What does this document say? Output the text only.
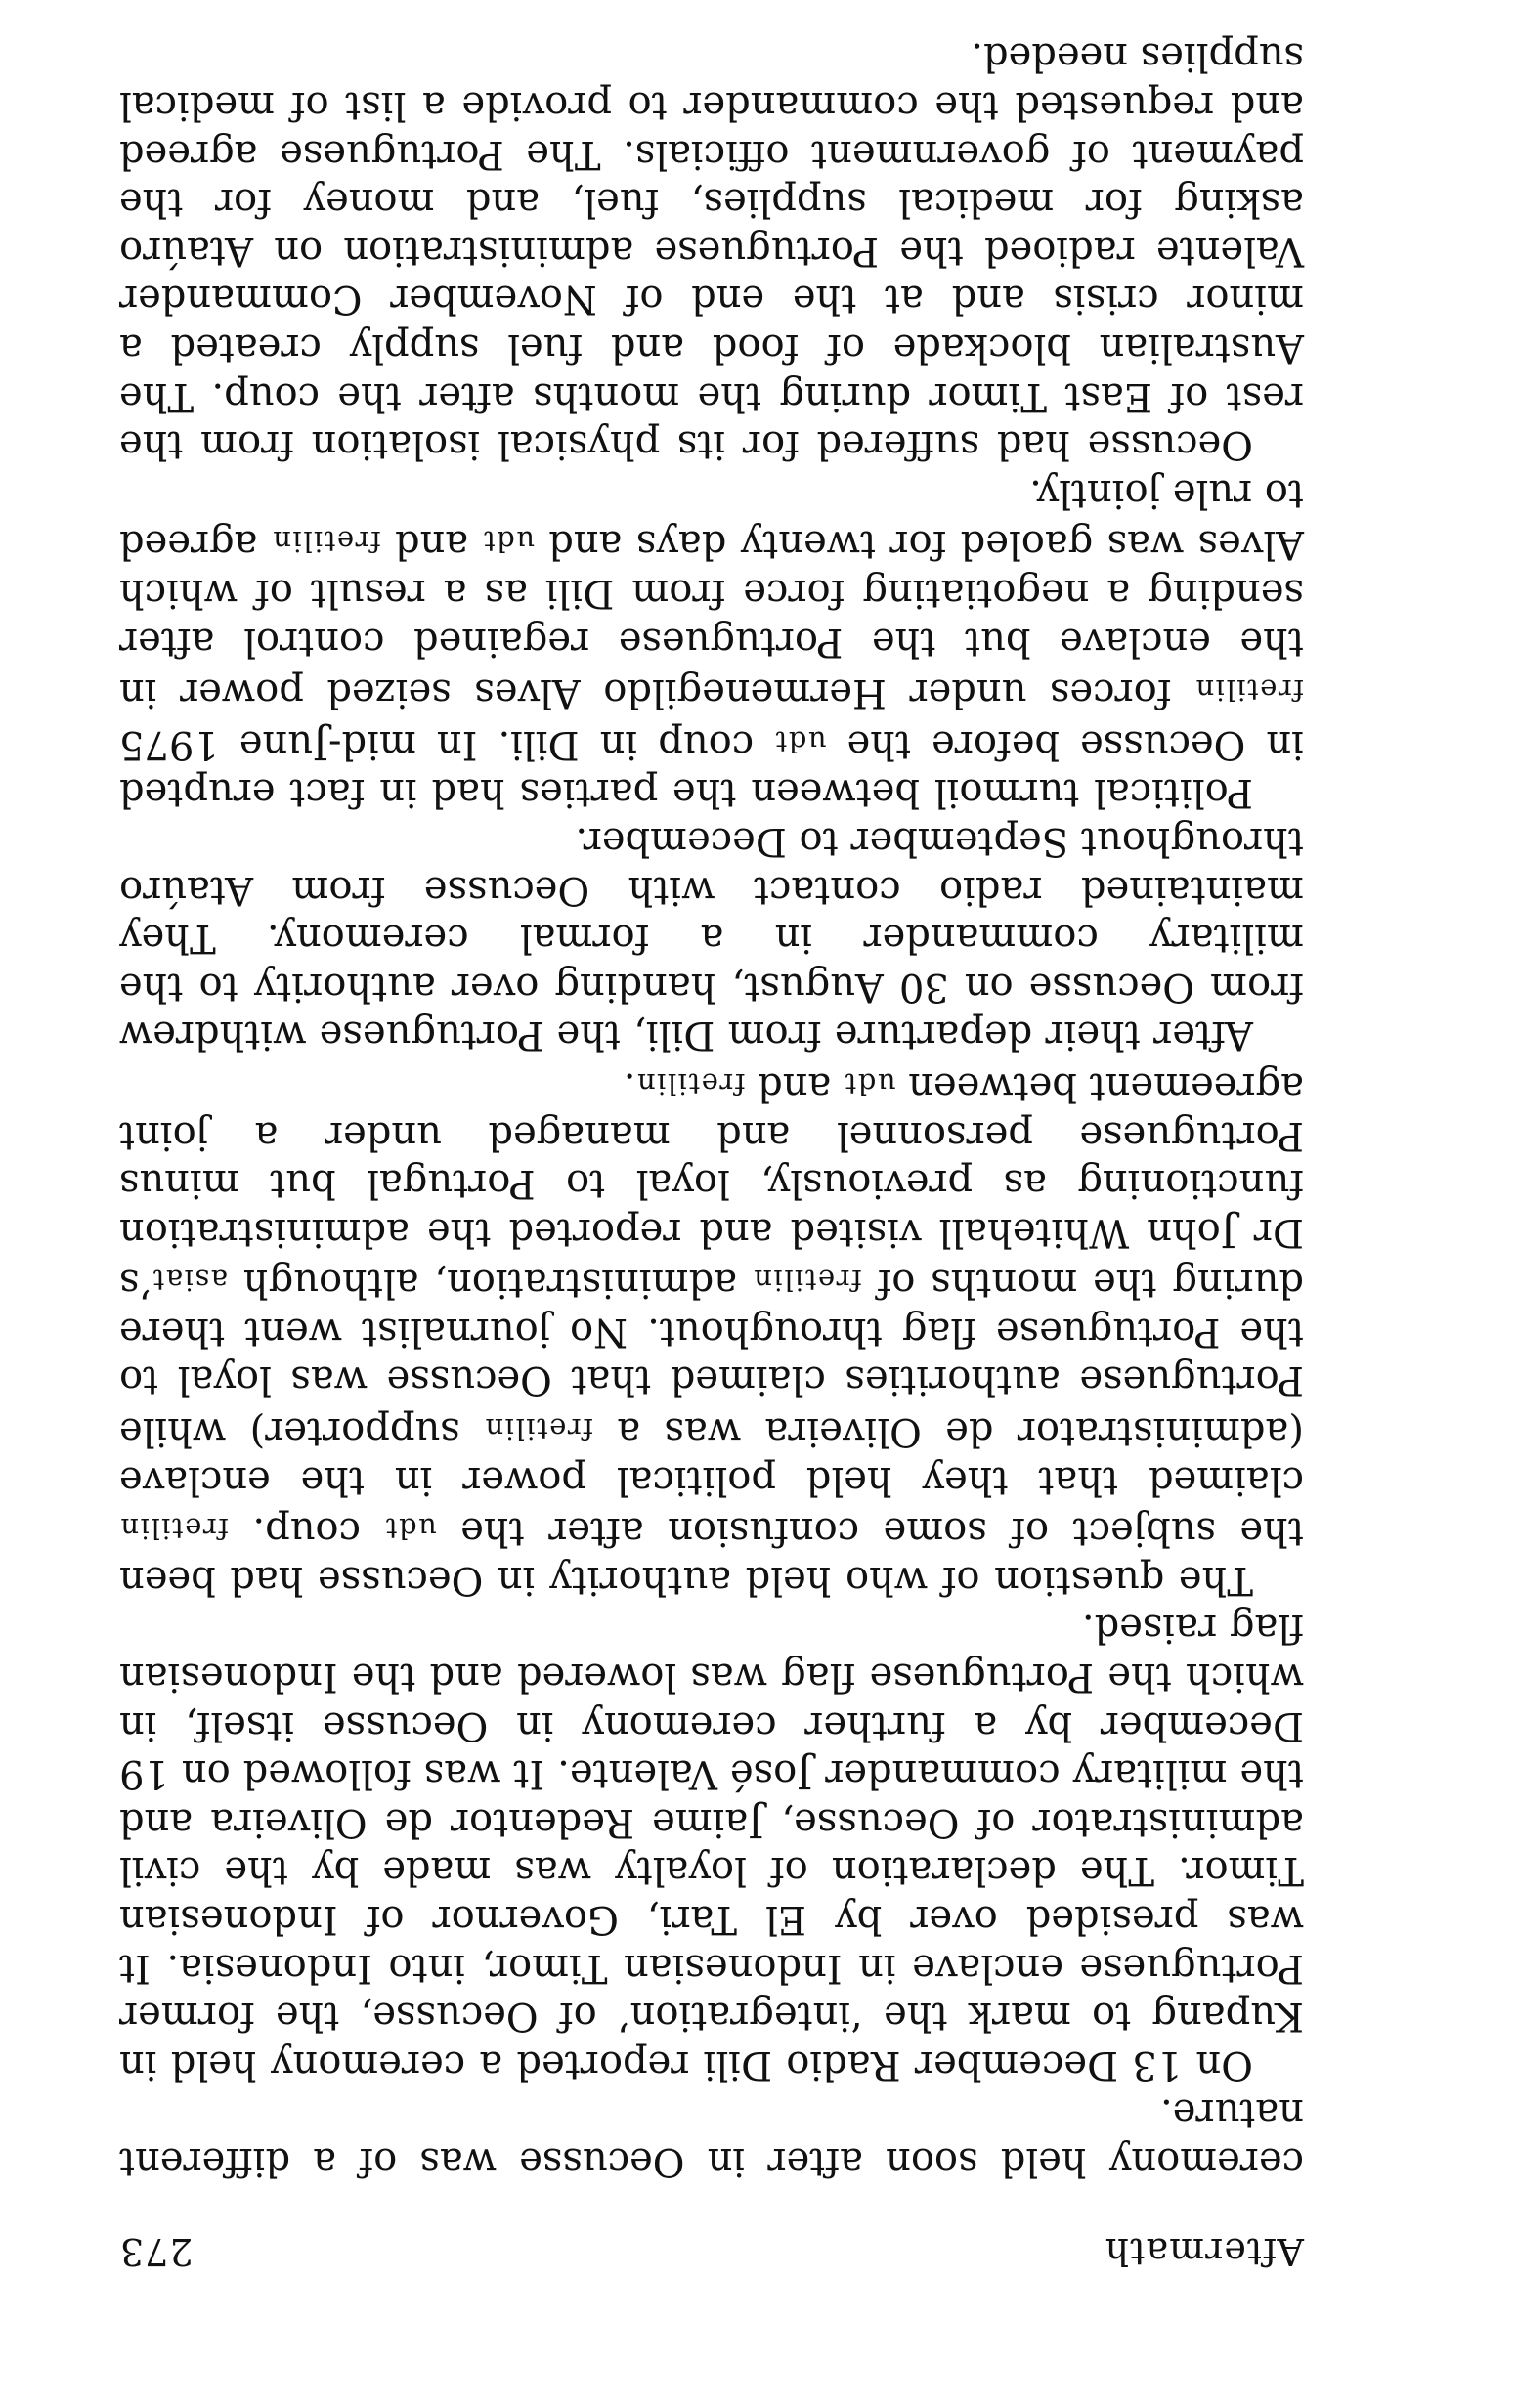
Aftermath
273

ceremony held soon after in Oecusse was of a different nature.

On 13 December Radio Dili reported a ceremony held in Kupang to mark the ‘integration’ of Oecusse, the former Portuguese enclave in Indonesian Timor, into Indonesia. It was presided over by El Tari, Governor of Indonesian Timor. The declaration of loyalty was made by the civil administrator of Oecusse, Jaime Redentor de Oliveira and the military commander José Valente. It was followed on 19 December by a further ceremony in Oecusse itself, in which the Portuguese flag was lowered and the Indonesian flag raised.

The question of who held authority in Oecusse had been the subject of some confusion after the udt coup. fretilin claimed that they held political power in the enclave (administrator de Oliveira was a fretilin supporter) while Portuguese authorities claimed that Oecusse was loyal to the Portuguese flag throughout. No journalist went there during the months of fretilin administration, although asiat’s Dr John Whitehall visited and reported the administration functioning as previously, loyal to Portugal but minus Portuguese personnel and managed under a joint agreement between udt and fretilin.

After their departure from Dili, the Portuguese withdrew from Oecusse on 30 August, handing over authority to the military commander in a formal ceremony. They maintained radio contact with Oecusse from Ataúro throughout September to December.

Political turmoil between the parties had in fact erupted in Oecusse before the udt coup in Dili. In mid-June 1975 fretilin forces under Hermenegildo Alves seized power in the enclave but the Portuguese regained control after sending a negotiating force from Dili as a result of which Alves was gaoled for twenty days and udt and fretilin agreed to rule jointly.

Oecusse had suffered for its physical isolation from the rest of East Timor during the months after the coup. The Australian blockade of food and fuel supply created a minor crisis and at the end of November Commander Valente radioed the Portuguese administration on Ataúro asking for medical supplies, fuel, and money for the payment of government officials. The Portuguese agreed and requested the commander to provide a list of medical supplies needed.
